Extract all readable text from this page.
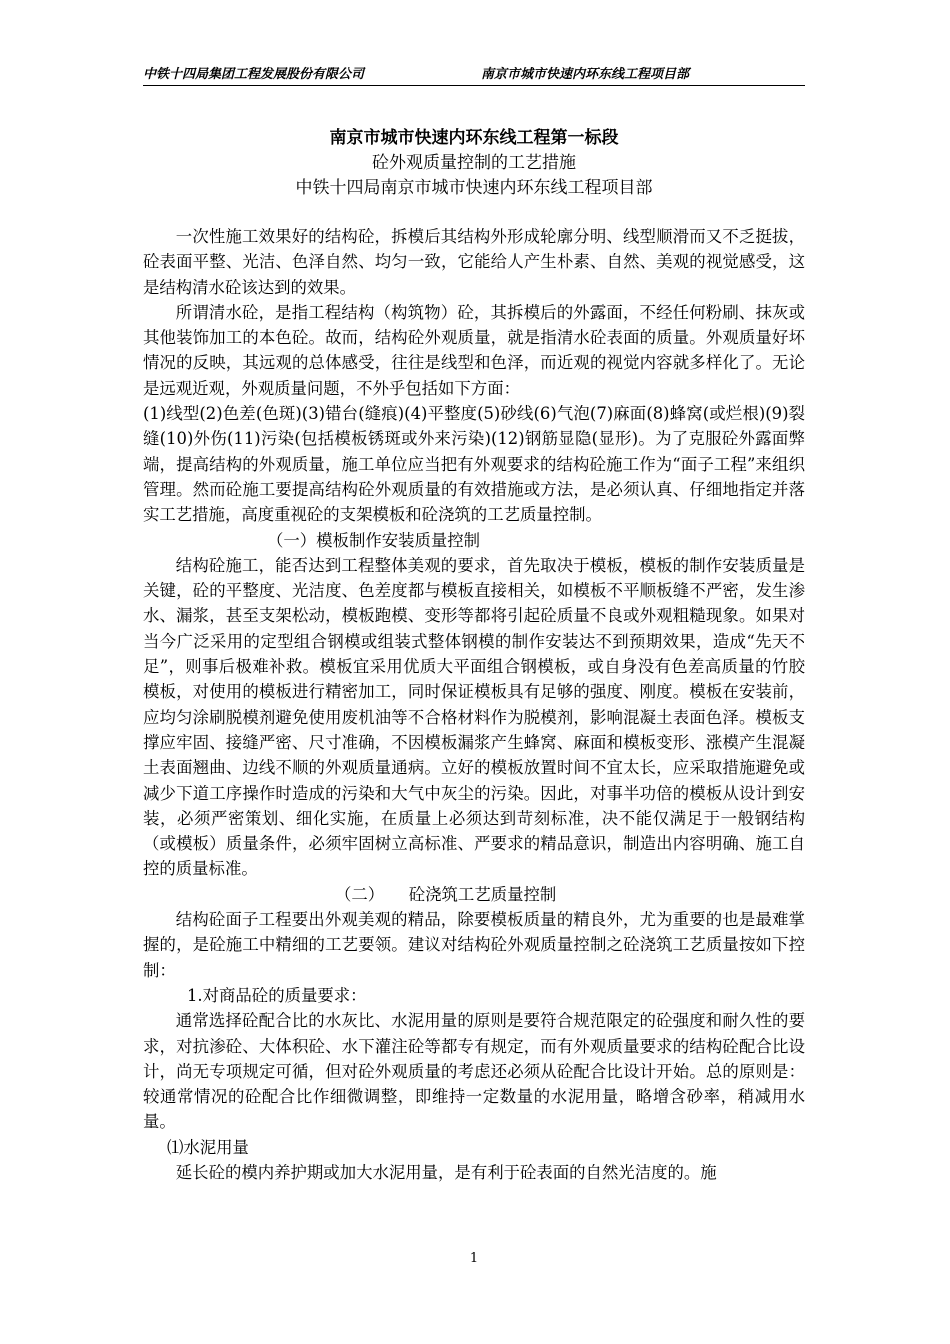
中铁十四局集团工程发展股份有限公司	南京市城市快速内环东线工程项目部
南京市城市快速内环东线工程第一标段
砼外观质量控制的工艺措施
中铁十四局南京市城市快速内环东线工程项目部

一次性施工效果好的结构砼，拆模后其结构外形成轮廓分明、线型顺滑而又不乏挺拔，砼表面平整、光洁、色泽自然、均匀一致，它能给人产生朴素、自然、美观的视觉感受，这是结构清水砼该达到的效果。

所谓清水砼，是指工程结构（构筑物）砼，其拆模后的外露面，不经任何粉刷、抹灰或其他装饰加工的本色砼。故而，结构砼外观质量，就是指清水砼表面的质量。外观质量好坏情况的反映，其远观的总体感受，往往是线型和色泽，而近观的视觉内容就多样化了。无论是远观近观，外观质量问题，不外乎包括如下方面：

(1)线型(2)色差(色斑)(3)错台(缝痕)(4)平整度(5)砂线(6)气泡(7)麻面(8)蜂窝(或烂根)(9)裂缝(10)外伤(11)污染(包括模板锈斑或外来污染)(12)钢筋显隐(显形)。为了克服砼外露面弊端，提高结构的外观质量，施工单位应当把有外观要求的结构砼施工作为“面子工程”来组织管理。然而砼施工要提高结构砼外观质量的有效措施或方法，是必须认真、仔细地指定并落实工艺措施，高度重视砼的支架模板和砼浇筑的工艺质量控制。

（一）模板制作安装质量控制

结构砼施工，能否达到工程整体美观的要求，首先取决于模板，模板的制作安装质量是关键，砼的平整度、光洁度、色差度都与模板直接相关，如模板不平顺板缝不严密，发生渗水、漏浆，甚至支架松动，模板跑模、变形等都将引起砼质量不良或外观粗糙现象。如果对当今广泛采用的定型组合钢模或组装式整体钢模的制作安装达不到预期效果，造成“先天不足”，则事后极难补救。模板宜采用优质大平面组合钢模板，或自身没有色差高质量的竹胶模板，对使用的模板进行精密加工，同时保证模板具有足够的强度、刚度。模板在安装前，应均匀涂刷脱模剂避免使用废机油等不合格材料作为脱模剂，影响混凝土表面色泽。模板支撑应牢固、接缝严密、尺寸准确，不因模板漏浆产生蜂窝、麻面和模板变形、涨模产生混凝土表面翘曲、边线不顺的外观质量通病。立好的模板放置时间不宜太长，应采取措施避免或减少下道工序操作时造成的污染和大气中灰尘的污染。因此，对事半功倍的模板从设计到安装，必须严密策划、细化实施，在质量上必须达到苛刻标准，决不能仅满足于一般钢结构（或模板）质量条件，必须牢固树立高标准、严要求的精品意识，制造出内容明确、施工自控的质量标准。

（二）　　砼浇筑工艺质量控制

结构砼面子工程要出外观美观的精品，除要模板质量的精良外，尤为重要的也是最难掌握的，是砼施工中精细的工艺要领。建议对结构砼外观质量控制之砼浇筑工艺质量按如下控制：

1.对商品砼的质量要求：

通常选择砼配合比的水灰比、水泥用量的原则是要符合规范限定的砼强度和耐久性的要求，对抗渗砼、大体积砼、水下灌注砼等都专有规定，而有外观质量要求的结构砼配合比设计，尚无专项规定可循，但对砼外观质量的考虑还必须从砼配合比设计开始。总的原则是：较通常情况的砼配合比作细微调整，即维持一定数量的水泥用量，略增含砂率，稍减用水量。

⑴水泥用量

延长砼的模内养护期或加大水泥用量，是有利于砼表面的自然光洁度的。施

1
